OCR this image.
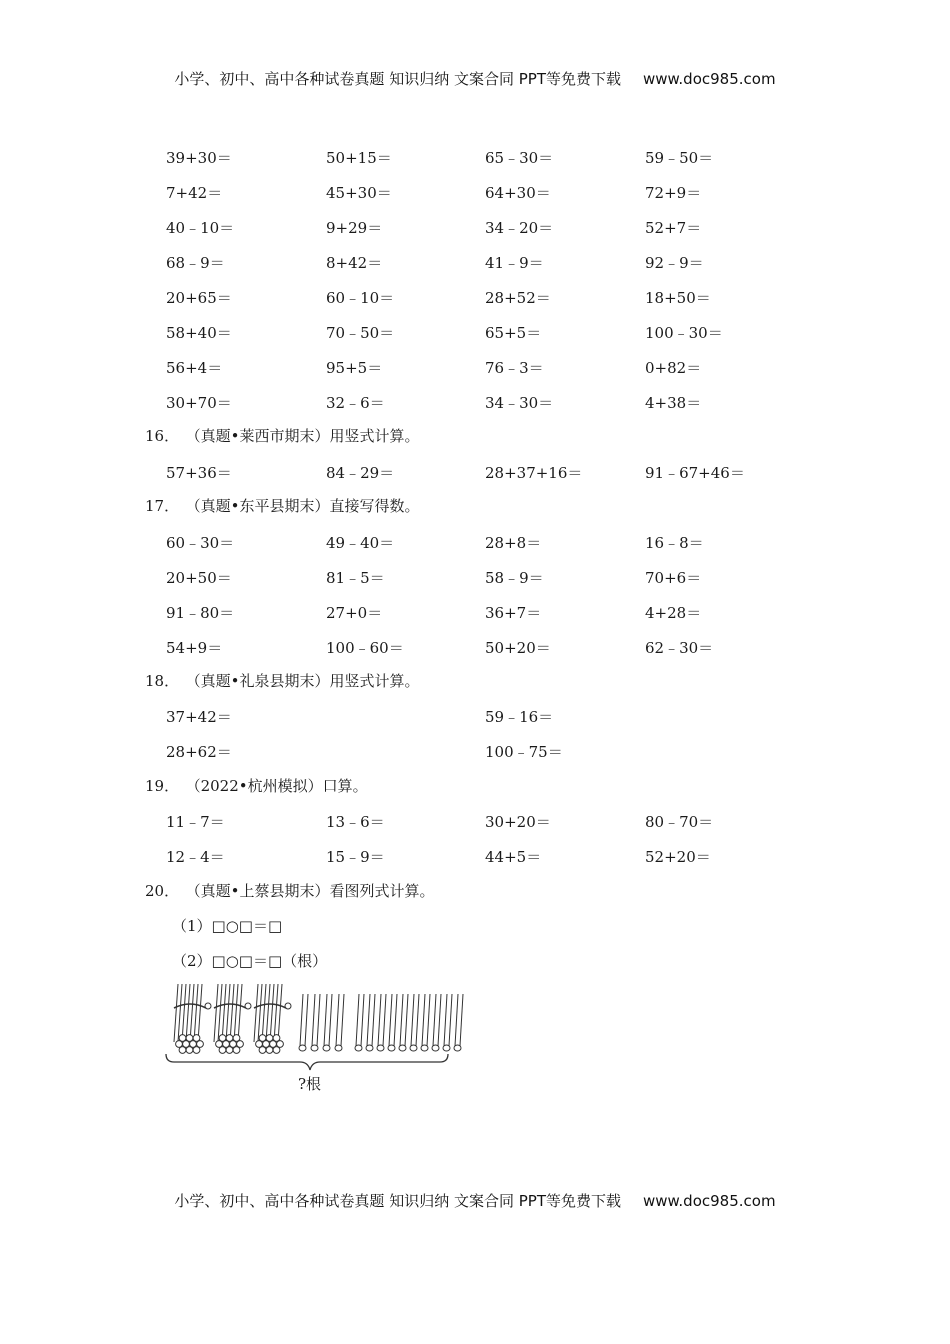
小学、初中、高中各种试卷真题 知识归纳 文案合同 PPT等免费下载 www.doc985.com
39+30＝	50+15＝	65﹣30＝	59﹣50＝
7+42＝	45+30＝	64+30＝	72+9＝
40﹣10＝	9+29＝	34﹣20＝	52+7＝
68﹣9＝	8+42＝	41﹣9＝	92﹣9＝
20+65＝	60﹣10＝	28+52＝	18+50＝
58+40＝	70﹣50＝	65+5＝	100﹣30＝
56+4＝	95+5＝	76﹣3＝	0+82＝
30+70＝	32﹣6＝	34﹣30＝	4+38＝
16． （真题•莱西市期末）用竖式计算。
57+36＝	84﹣29＝	28+37+16＝	91﹣67+46＝
17． （真题•东平县期末）直接写得数。
60﹣30＝	49﹣40＝	28+8＝	16﹣8＝
20+50＝	81﹣5＝	58﹣9＝	70+6＝
91﹣80＝	27+0＝	36+7＝	4+28＝
54+9＝	100﹣60＝	50+20＝	62﹣30＝
18． （真题•礼泉县期末）用竖式计算。
37+42＝	59﹣16＝
28+62＝	100﹣75＝
19． （2022•杭州模拟）口算。
11﹣7＝	13﹣6＝	30+20＝	80﹣70＝
12﹣4＝	15﹣9＝	44+5＝	52+20＝
20． （真题•上蔡县期末）看图列式计算。
（1）□○□＝□
（2）□○□＝□（根）
?根
小学、初中、高中各种试卷真题 知识归纳 文案合同 PPT等免费下载 www.doc985.com
